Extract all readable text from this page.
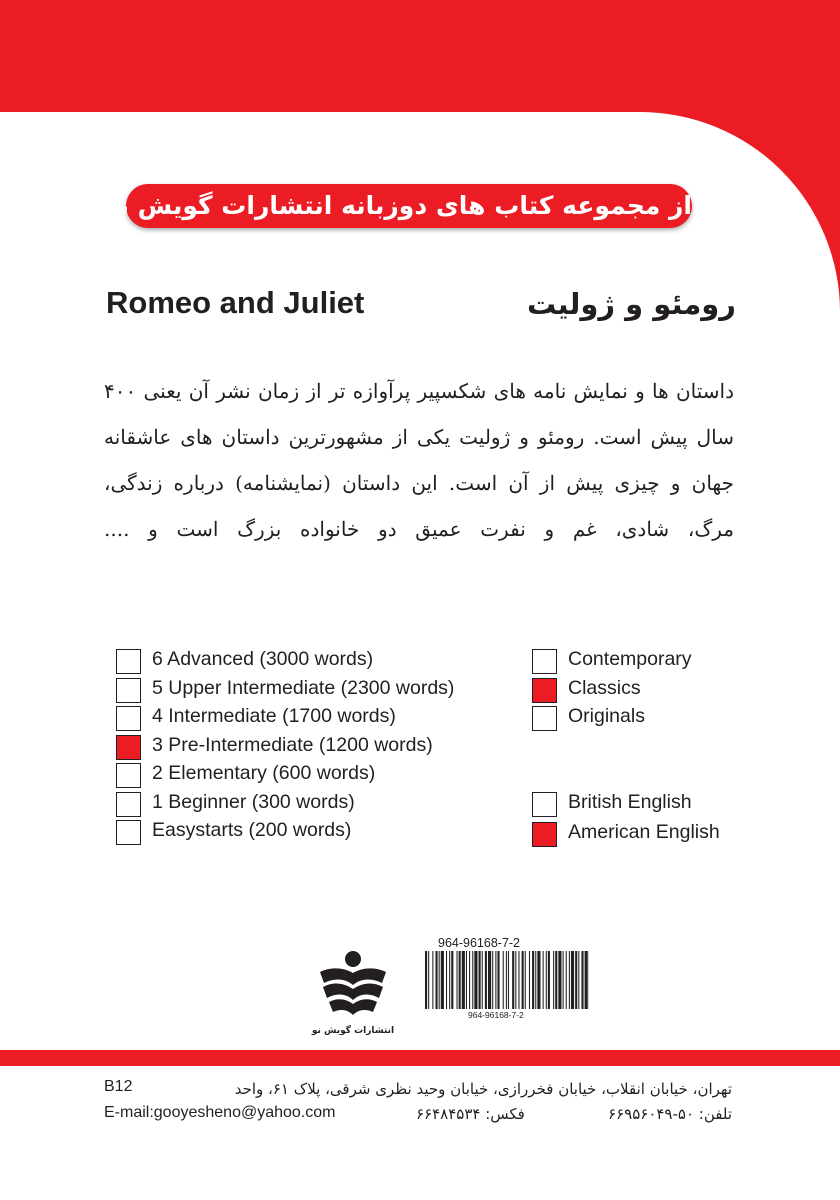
از مجموعه کتاب های دوزبانه انتشارات گویش نو
Romeo and Juliet	رومئو و ژولیت
داستان ها و نمایش نامه های شکسپیر پرآوازه تر از زمان نشر آن یعنی ۴۰۰
سال پیش است. رومئو و ژولیت یکی از مشهورترین داستان های عاشقانه
جهان و چیزی پیش از آن است. این داستان (نمایشنامه) درباره زندگی،
مرگ، شادی، غم و نفرت عمیق دو خانواده بزرگ است و ....
6 Advanced (3000 words)
5 Upper Intermediate (2300 words)
4 Intermediate (1700 words)
3 Pre-Intermediate (1200 words)
2 Elementary (600 words)
1 Beginner (300 words)
Easystarts (200 words)
Contemporary
Classics
Originals
British English
American English
انتشارات گویش نو
964-96168-7-2
964-96168-7-2
تهران، خیابان انقلاب، خیابان فخررازی، خیابان وحید نظری شرقی، پلاک ۶۱، واحد
B12
E-mail:gooyesheno@yahoo.com	فکس: ۶۶۴۸۴۵۳۴	تلفن: ۵۰-۶۶۹۵۶۰۴۹
